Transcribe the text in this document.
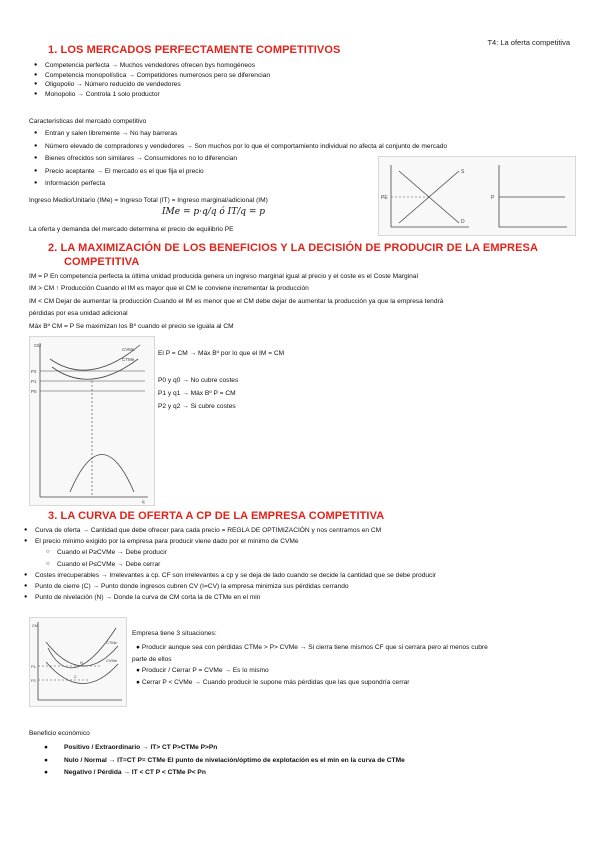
T4: La oferta competitiva
1. LOS MERCADOS PERFECTAMENTE COMPETITIVOS
● Competencia perfecta → Muchos vendedores ofrecen bys homogéneos
● Competencia monopolística → Competidores numerosos pero se diferencian
● Oligopolio → Número reducido de vendedores
● Monopolio → Controla 1 solo productor
Características del mercado competitivo
● Entran y salen libremente → No hay barreras
● Número elevado de compradores y vendedores → Son muchos por lo que el comportamiento individual no afecta al conjunto de mercado
● Bienes ofrecidos son similares → Consumidores no lo diferencian
● Precio aceptante → El mercado es el que fija el precio
● Información perfecta
Ingreso Medio/Unitario (IMe) = Ingreso Total (IT) = Ingreso marginal/adicional (IM)
IMe = p·q/q ó IT/q = p
La oferta y demanda del mercado determina el precio de equilibrio PE
S
D
PE	P
2. LA MAXIMIZACIÓN DE LOS BENEFICIOS Y LA DECISIÓN DE PRODUCIR DE LA EMPRESA
COMPETITIVA
IM = P En competencia perfecta la última unidad producida genera un ingreso marginal igual al precio y el coste es el Coste Marginal
IM > CM ↑ Producción Cuando el IM es mayor que el CM le conviene incrementar la producción
IM < CM Dejar de aumentar la producción Cuando el IM es menor que el CM debe dejar de aumentar la producción ya que la empresa tendrá
pérdidas por esa unidad adicional
Máx Bº CM = P Se maximizan los Bº cuando el precio se iguala al CM
CM
CTMe
CVMe
P2
P1
P0
q
El P = CM → Máx Bº por lo que el IM = CM
P0 y q0 → No cubre costes
P1 y q1 → Máx Bº P = CM
P2 y q2 → Si cubre costes
3. LA CURVA DE OFERTA A CP DE LA EMPRESA COMPETITIVA
● Curva de oferta → Cantidad que debe ofrecer para cada precio = REGLA DE OPTIMIZACIÓN y nos centramos en CM
● El precio mínimo exigido por la empresa para producir viene dado por el mínimo de CVMe
○ Cuando el P≥CVMe → Debe producir
○ Cuando el P≤CVMe → Debe cerrar
● Costes irrecuperables → Irrelevantes a cp. CF son irrelevantes a cp y se deja de lado cuando se decide la cantidad que se debe producir
● Punto de cierre (C) → Punto donde ingresos cubren CV (I=CV) la empresa minimiza sus pérdidas cerrando
● Punto de nivelación (N) → Donde la curva de CM corta la de CTMe en el min
CM
CTMe
CVMe
N
C
P1
P2
Empresa tiene 3 situaciones:
● Producir aunque sea con pérdidas CTMe > P> CVMe → Si cierra tiene mismos CF que si cerrara pero al menos cubre
parte de ellos
● Producir / Cerrar P = CVMe → Es lo mismo
● Cerrar P < CVMe → Cuando producir le supone más pérdidas que las que supondría cerrar
Beneficio económico
● Positivo / Extraordinario → IT> CT P>CTMe P>Pn
● Nulo / Normal → IT=CT P= CTMe El punto de nivelación/óptimo de explotación es el min en la curva de CTMe
● Negativo / Pérdida → IT < CT P < CTMe P< Pn
